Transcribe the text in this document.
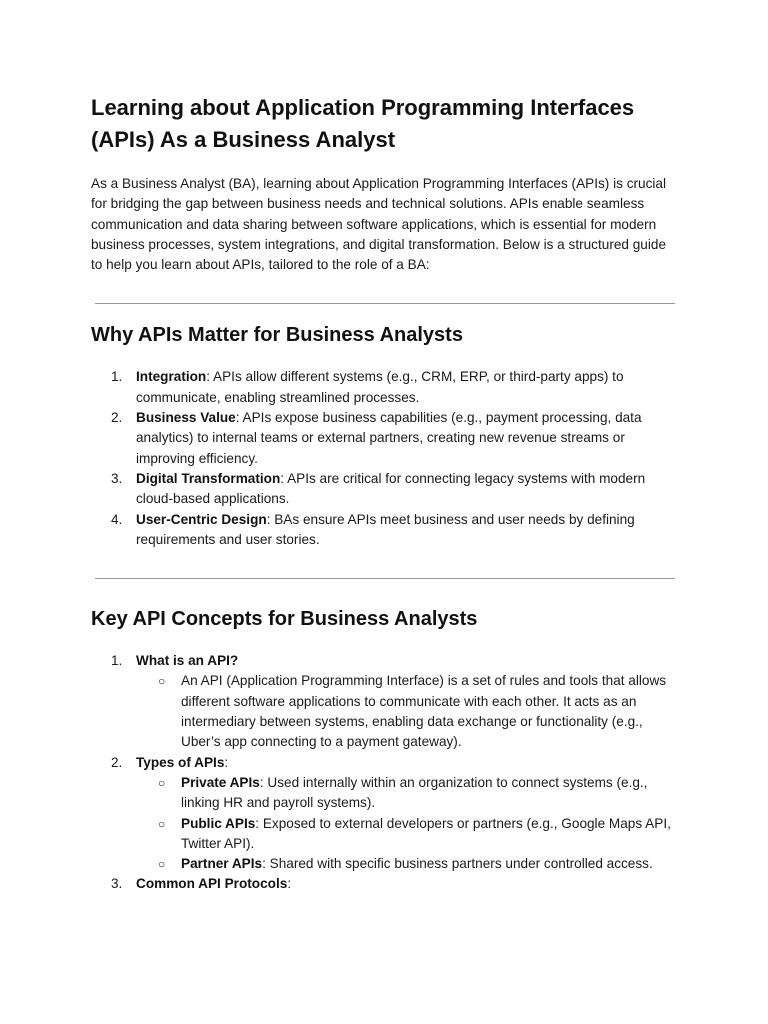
Learning about Application Programming Interfaces (APIs) As a Business Analyst

As a Business Analyst (BA), learning about Application Programming Interfaces (APIs) is crucial for bridging the gap between business needs and technical solutions. APIs enable seamless communication and data sharing between software applications, which is essential for modern business processes, system integrations, and digital transformation. Below is a structured guide to help you learn about APIs, tailored to the role of a BA:

Why APIs Matter for Business Analysts
1.	Integration: APIs allow different systems (e.g., CRM, ERP, or third-party apps) to communicate, enabling streamlined processes.
2.	Business Value: APIs expose business capabilities (e.g., payment processing, data analytics) to internal teams or external partners, creating new revenue streams or improving efficiency.
3.	Digital Transformation: APIs are critical for connecting legacy systems with modern cloud-based applications.
4.	User-Centric Design: BAs ensure APIs meet business and user needs by defining requirements and user stories.
Key API Concepts for Business Analysts
1.	What is an API?
○ An API (Application Programming Interface) is a set of rules and tools that allows different software applications to communicate with each other. It acts as an intermediary between systems, enabling data exchange or functionality (e.g., Uber’s app connecting to a payment gateway).
2.	Types of APIs:
○ Private APIs: Used internally within an organization to connect systems (e.g., linking HR and payroll systems).
○ Public APIs: Exposed to external developers or partners (e.g., Google Maps API, Twitter API).
○ Partner APIs: Shared with specific business partners under controlled access.
3.	Common API Protocols:
